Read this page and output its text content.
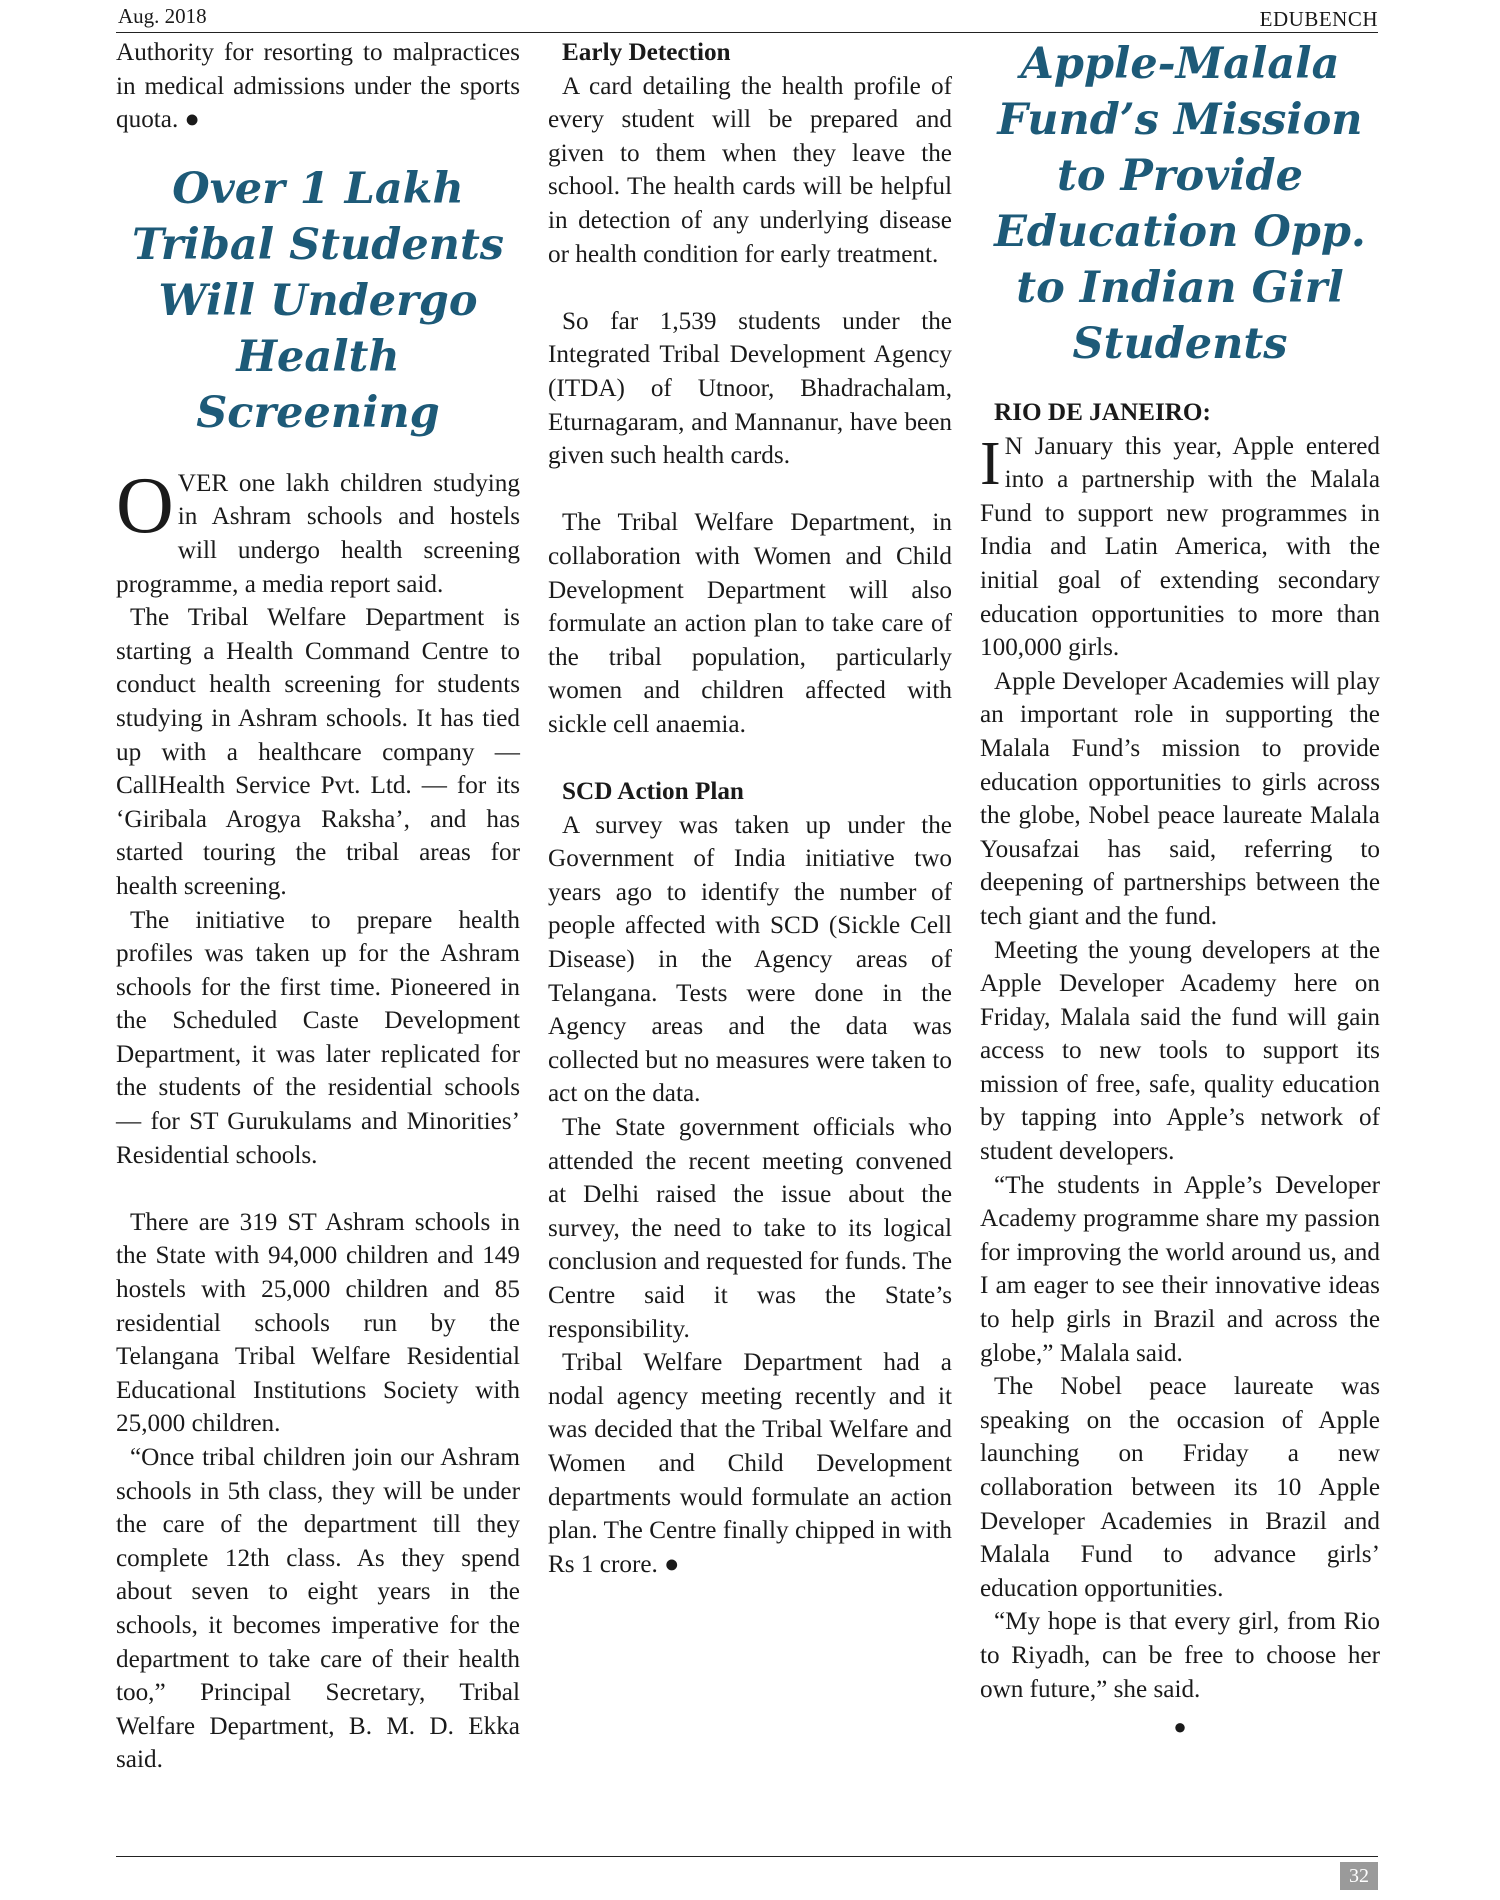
Aug. 2018	EDUBENCH

Authority for resorting to malpractices in medical admissions under the sports quota. ●

Over 1 Lakh Tribal Students Will Undergo Health Screening

OVER one lakh children studying in Ashram schools and hostels will undergo health screening programme, a media report said.

The Tribal Welfare Department is starting a Health Command Centre to conduct health screening for students studying in Ashram schools. It has tied up with a healthcare company — CallHealth Service Pvt. Ltd. — for its ‘Giribala Arogya Raksha’, and has started touring the tribal areas for health screening.

The initiative to prepare health profiles was taken up for the Ashram schools for the first time. Pioneered in the Scheduled Caste Development Department, it was later replicated for the students of the residential schools — for ST Gurukulams and Minorities’ Residential schools.

There are 319 ST Ashram schools in the State with 94,000 children and 149 hostels with 25,000 children and 85 residential schools run by the Telangana Tribal Welfare Residential Educational Institutions Society with 25,000 children.

“Once tribal children join our Ashram schools in 5th class, they will be under the care of the department till they complete 12th class. As they spend about seven to eight years in the schools, it becomes imperative for the department to take care of their health too,” Principal Secretary, Tribal Welfare Department, B. M. D. Ekka said.

Early Detection

A card detailing the health profile of every student will be prepared and given to them when they leave the school. The health cards will be helpful in detection of any underlying disease or health condition for early treatment.

So far 1,539 students under the Integrated Tribal Development Agency (ITDA) of Utnoor, Bhadrachalam, Eturnagaram, and Mannanur, have been given such health cards.

The Tribal Welfare Department, in collaboration with Women and Child Development Department will also formulate an action plan to take care of the tribal population, particularly women and children affected with sickle cell anaemia.

SCD Action Plan

A survey was taken up under the Government of India initiative two years ago to identify the number of people affected with SCD (Sickle Cell Disease) in the Agency areas of Telangana. Tests were done in the Agency areas and the data was collected but no measures were taken to act on the data.

The State government officials who attended the recent meeting convened at Delhi raised the issue about the survey, the need to take to its logical conclusion and requested for funds. The Centre said it was the State’s responsibility.

Tribal Welfare Department had a nodal agency meeting recently and it was decided that the Tribal Welfare and Women and Child Development departments would formulate an action plan. The Centre finally chipped in with Rs 1 crore. ●

Apple-Malala Fund’s Mission to Provide Education Opp. to Indian Girl Students

RIO DE JANEIRO:

I N January this year, Apple entered into a partnership with the Malala Fund to support new programmes in India and Latin America, with the initial goal of extending secondary education opportunities to more than 100,000 girls.

Apple Developer Academies will play an important role in supporting the Malala Fund’s mission to provide education opportunities to girls across the globe, Nobel peace laureate Malala Yousafzai has said, referring to deepening of partnerships between the tech giant and the fund.

Meeting the young developers at the Apple Developer Academy here on Friday, Malala said the fund will gain access to new tools to support its mission of free, safe, quality education by tapping into Apple’s network of student developers.

“The students in Apple’s Developer Academy programme share my passion for improving the world around us, and I am eager to see their innovative ideas to help girls in Brazil and across the globe,” Malala said.

The Nobel peace laureate was speaking on the occasion of Apple launching on Friday a new collaboration between its 10 Apple Developer Academies in Brazil and Malala Fund to advance girls’ education opportunities.

“My hope is that every girl, from Rio to Riyadh, can be free to choose her own future,” she said.

●
32
